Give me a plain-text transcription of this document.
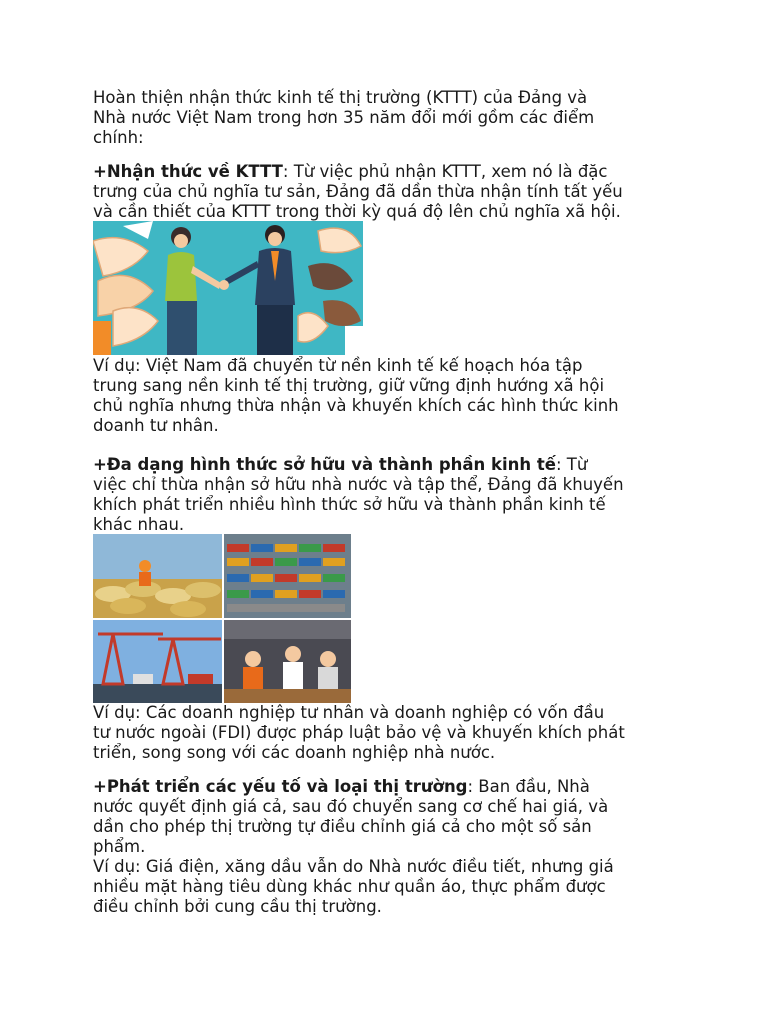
Hoàn thiện nhận thức kinh tế thị trường (KTTT) của Đảng và

Nhà nước Việt Nam trong hơn 35 năm đổi mới gồm các điểm

chính:

+Nhận thức về KTTT: Từ việc phủ nhận KTTT, xem nó là đặc

trưng của chủ nghĩa tư sản, Đảng đã dần thừa nhận tính tất yếu

và cần thiết của KTTT trong thời kỳ quá độ lên chủ nghĩa xã hội.

Ví dụ: Việt Nam đã chuyển từ nền kinh tế kế hoạch hóa tập

trung sang nền kinh tế thị trường, giữ vững định hướng xã hội

chủ nghĩa nhưng thừa nhận và khuyến khích các hình thức kinh

doanh tư nhân.

+Đa dạng hình thức sở hữu và thành phần kinh tế: Từ

việc chỉ thừa nhận sở hữu nhà nước và tập thể, Đảng đã khuyến

khích phát triển nhiều hình thức sở hữu và thành phần kinh tế

khác nhau.

Ví dụ: Các doanh nghiệp tư nhân và doanh nghiệp có vốn đầu

tư nước ngoài (FDI) được pháp luật bảo vệ và khuyến khích phát

triển, song song với các doanh nghiệp nhà nước.

+Phát triển các yếu tố và loại thị trường: Ban đầu, Nhà

nước quyết định giá cả, sau đó chuyển sang cơ chế hai giá, và

dần cho phép thị trường tự điều chỉnh giá cả cho một số sản

phẩm.

Ví dụ: Giá điện, xăng dầu vẫn do Nhà nước điều tiết, nhưng giá

nhiều mặt hàng tiêu dùng khác như quần áo, thực phẩm được

điều chỉnh bởi cung cầu thị trường.
